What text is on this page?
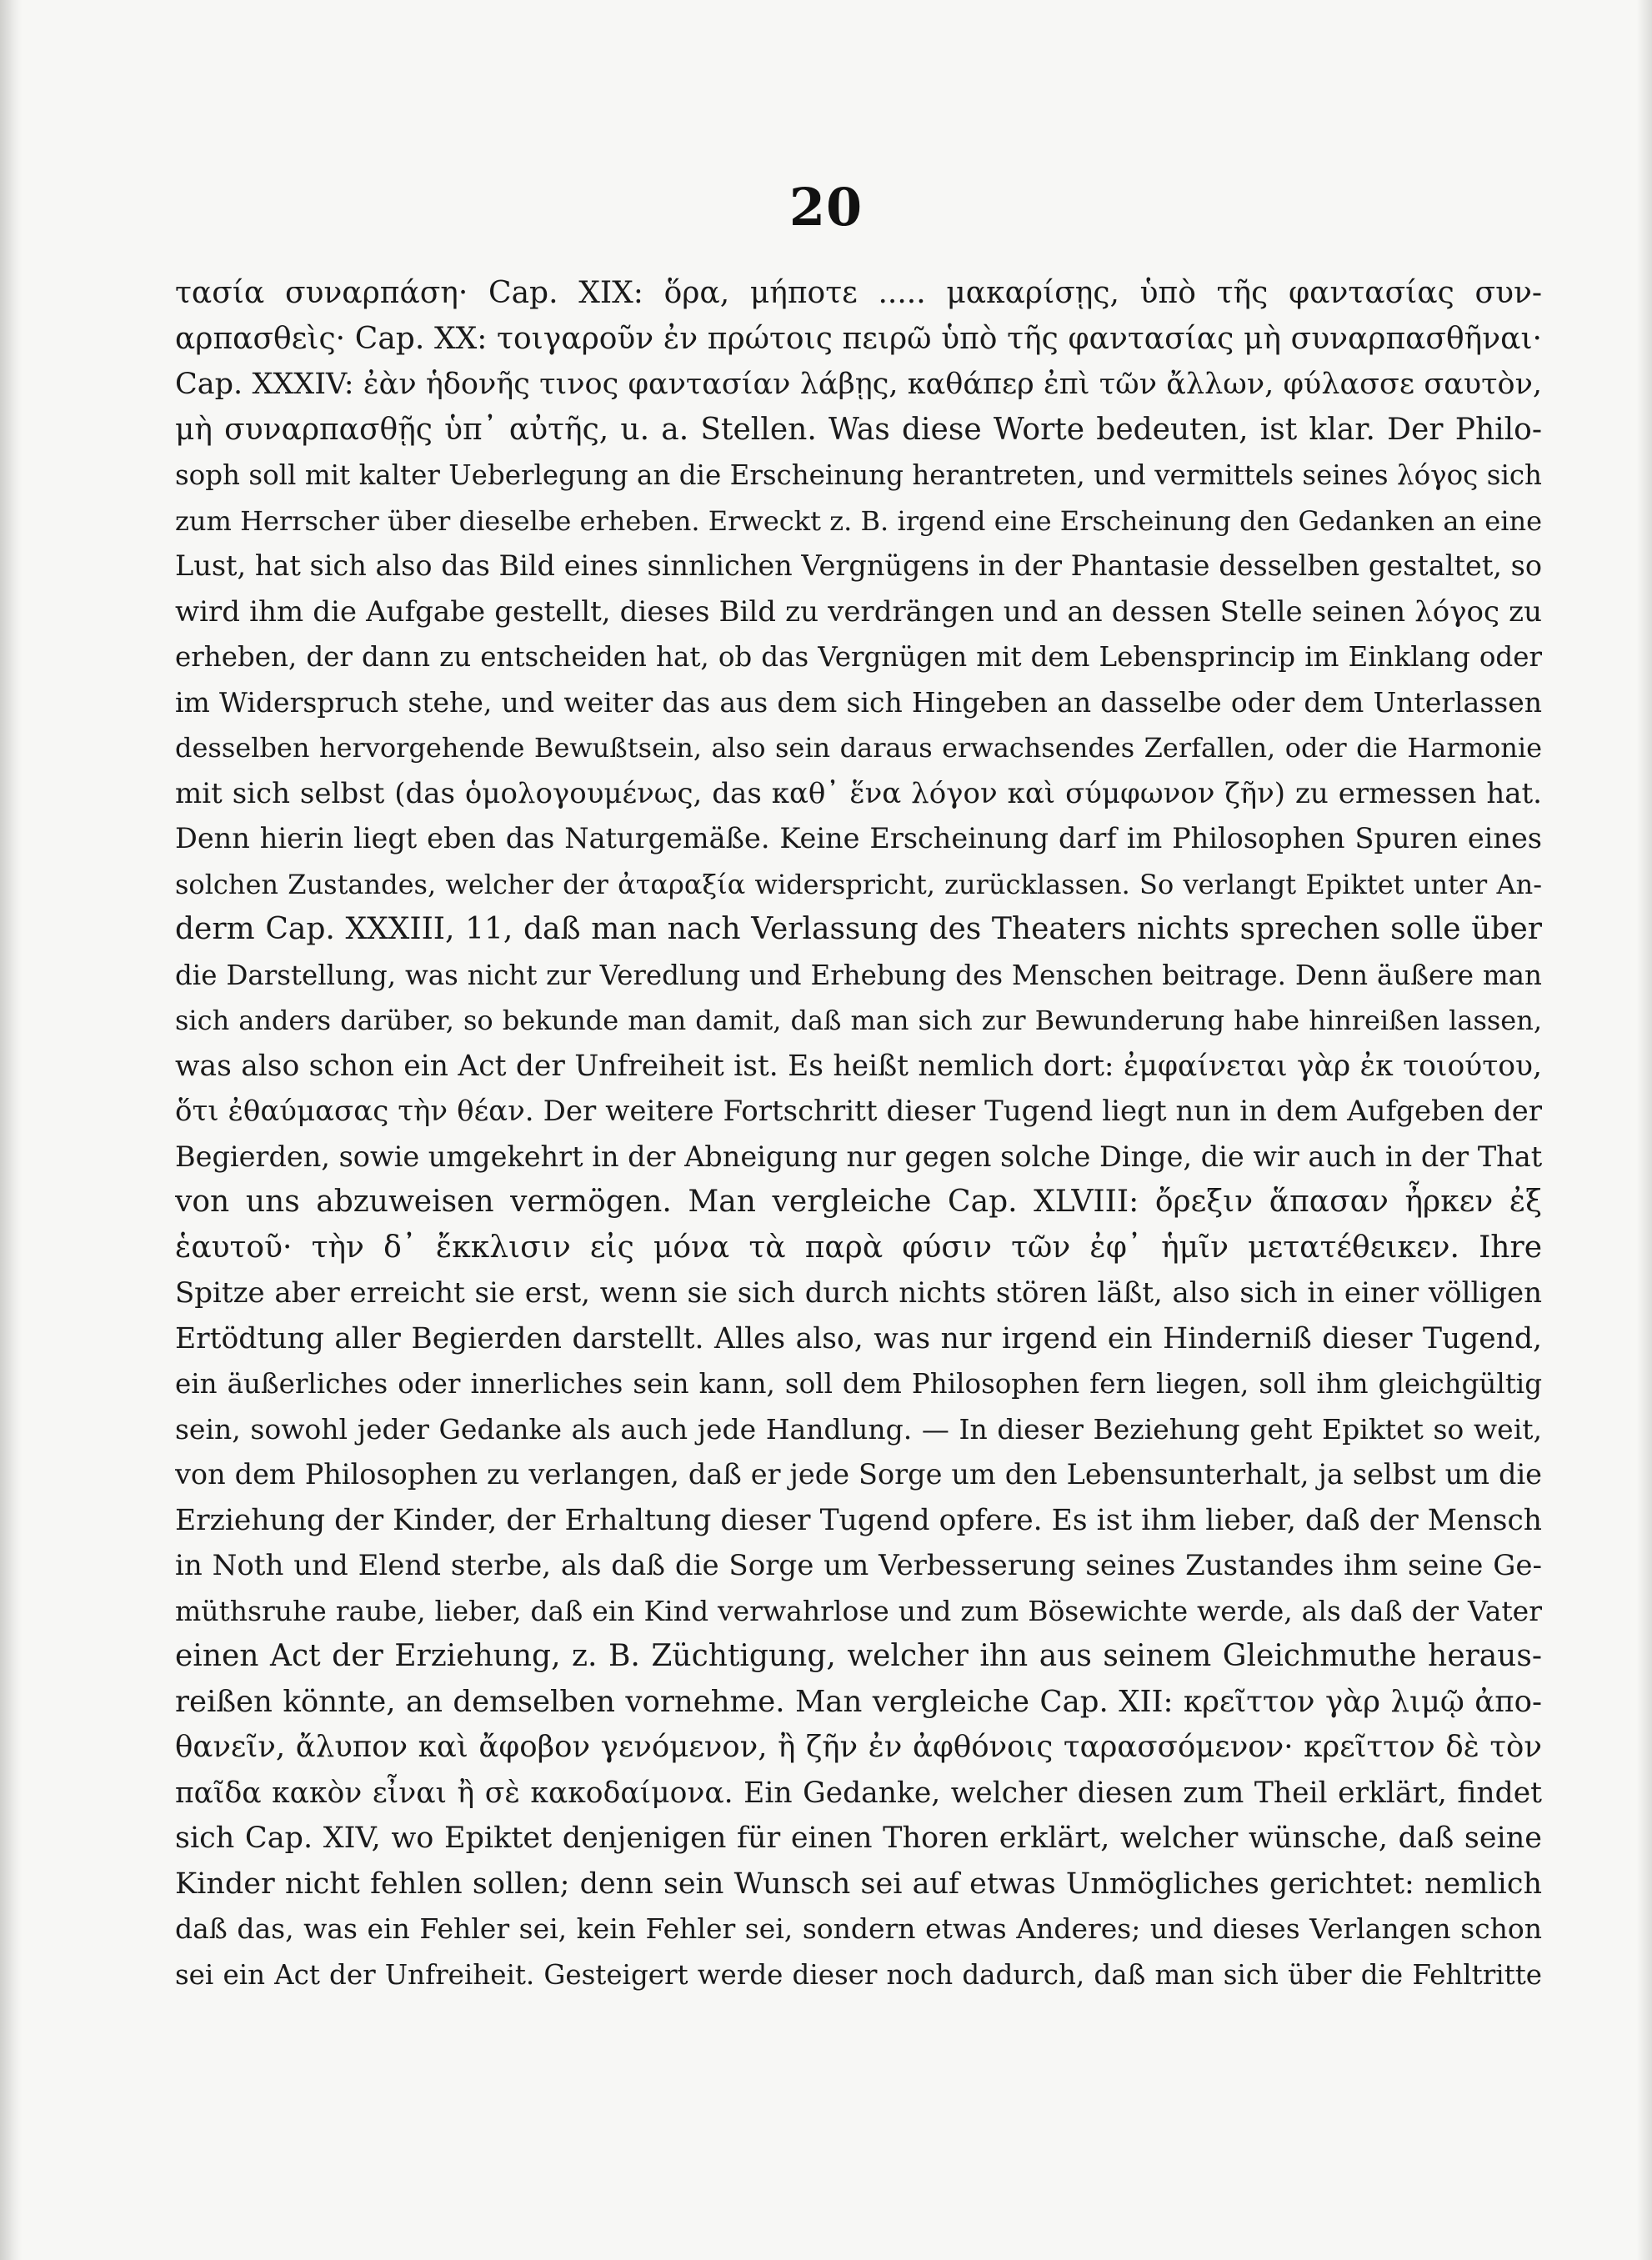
20
τασία συναρπάση· Cap. XIX: ὅρα, μήποτε ..... μακαρίσῃς, ὑπὸ τῆς φαντασίας συν-
αρπασθεὶς· Cap. XX: τοιγαροῦν ἐν πρώτοις πειρῶ ὑπὸ τῆς φαντασίας μὴ συναρπασθῆναι·
Cap. XXXIV: ἐὰν ἡδονῆς τινος φαντασίαν λάβῃς, καθάπερ ἐπὶ τῶν ἄλλων, φύλασσε σαυτὸν,
μὴ συναρπασθῇς ὑπ᾽ αὐτῆς, u. a. Stellen. Was diese Worte bedeuten, ist klar. Der Philo-
soph soll mit kalter Ueberlegung an die Erscheinung herantreten, und vermittels seines λόγος sich
zum Herrscher über dieselbe erheben. Erweckt z. B. irgend eine Erscheinung den Gedanken an eine
Lust, hat sich also das Bild eines sinnlichen Vergnügens in der Phantasie desselben gestaltet, so
wird ihm die Aufgabe gestellt, dieses Bild zu verdrängen und an dessen Stelle seinen λόγος zu
erheben, der dann zu entscheiden hat, ob das Vergnügen mit dem Lebensprincip im Einklang oder
im Widerspruch stehe, und weiter das aus dem sich Hingeben an dasselbe oder dem Unterlassen
desselben hervorgehende Bewußtsein, also sein daraus erwachsendes Zerfallen, oder die Harmonie
mit sich selbst (das ὁμολογουμένως, das καθ᾽ ἕνα λόγον καὶ σύμφωνον ζῆν) zu ermessen hat.
Denn hierin liegt eben das Naturgemäße. Keine Erscheinung darf im Philosophen Spuren eines
solchen Zustandes, welcher der ἀταραξία widerspricht, zurücklassen. So verlangt Epiktet unter An-
derm Cap. XXXIII, 11, daß man nach Verlassung des Theaters nichts sprechen solle über
die Darstellung, was nicht zur Veredlung und Erhebung des Menschen beitrage. Denn äußere man
sich anders darüber, so bekunde man damit, daß man sich zur Bewunderung habe hinreißen lassen,
was also schon ein Act der Unfreiheit ist. Es heißt nemlich dort: ἐμφαίνεται γὰρ ἐκ τοιούτου,
ὅτι ἐθαύμασας τὴν θέαν. Der weitere Fortschritt dieser Tugend liegt nun in dem Aufgeben der
Begierden, sowie umgekehrt in der Abneigung nur gegen solche Dinge, die wir auch in der That
von uns abzuweisen vermögen. Man vergleiche Cap. XLVIII: ὄρεξιν ἅπασαν ἦρκεν ἐξ
ἑαυτοῦ· τὴν δ᾽ ἔκκλισιν εἰς μόνα τὰ παρὰ φύσιν τῶν ἐφ᾽ ἡμῖν μετατέθεικεν. Ihre
Spitze aber erreicht sie erst, wenn sie sich durch nichts stören läßt, also sich in einer völligen
Ertödtung aller Begierden darstellt. Alles also, was nur irgend ein Hinderniß dieser Tugend,
ein äußerliches oder innerliches sein kann, soll dem Philosophen fern liegen, soll ihm gleichgültig
sein, sowohl jeder Gedanke als auch jede Handlung. — In dieser Beziehung geht Epiktet so weit,
von dem Philosophen zu verlangen, daß er jede Sorge um den Lebensunterhalt, ja selbst um die
Erziehung der Kinder, der Erhaltung dieser Tugend opfere. Es ist ihm lieber, daß der Mensch
in Noth und Elend sterbe, als daß die Sorge um Verbesserung seines Zustandes ihm seine Ge-
müthsruhe raube, lieber, daß ein Kind verwahrlose und zum Bösewichte werde, als daß der Vater
einen Act der Erziehung, z. B. Züchtigung, welcher ihn aus seinem Gleichmuthe heraus-
reißen könnte, an demselben vornehme. Man vergleiche Cap. XII: κρεῖττον γὰρ λιμῷ ἀπο-
θανεῖν, ἄλυπον καὶ ἄφοβον γενόμενον, ἢ ζῆν ἐν ἀφθόνοις ταρασσόμενον· κρεῖττον δὲ τὸν
παῖδα κακὸν εἶναι ἢ σὲ κακοδαίμονα. Ein Gedanke, welcher diesen zum Theil erklärt, findet
sich Cap. XIV, wo Epiktet denjenigen für einen Thoren erklärt, welcher wünsche, daß seine
Kinder nicht fehlen sollen; denn sein Wunsch sei auf etwas Unmögliches gerichtet: nemlich
daß das, was ein Fehler sei, kein Fehler sei, sondern etwas Anderes; und dieses Verlangen schon
sei ein Act der Unfreiheit. Gesteigert werde dieser noch dadurch, daß man sich über die Fehltritte
